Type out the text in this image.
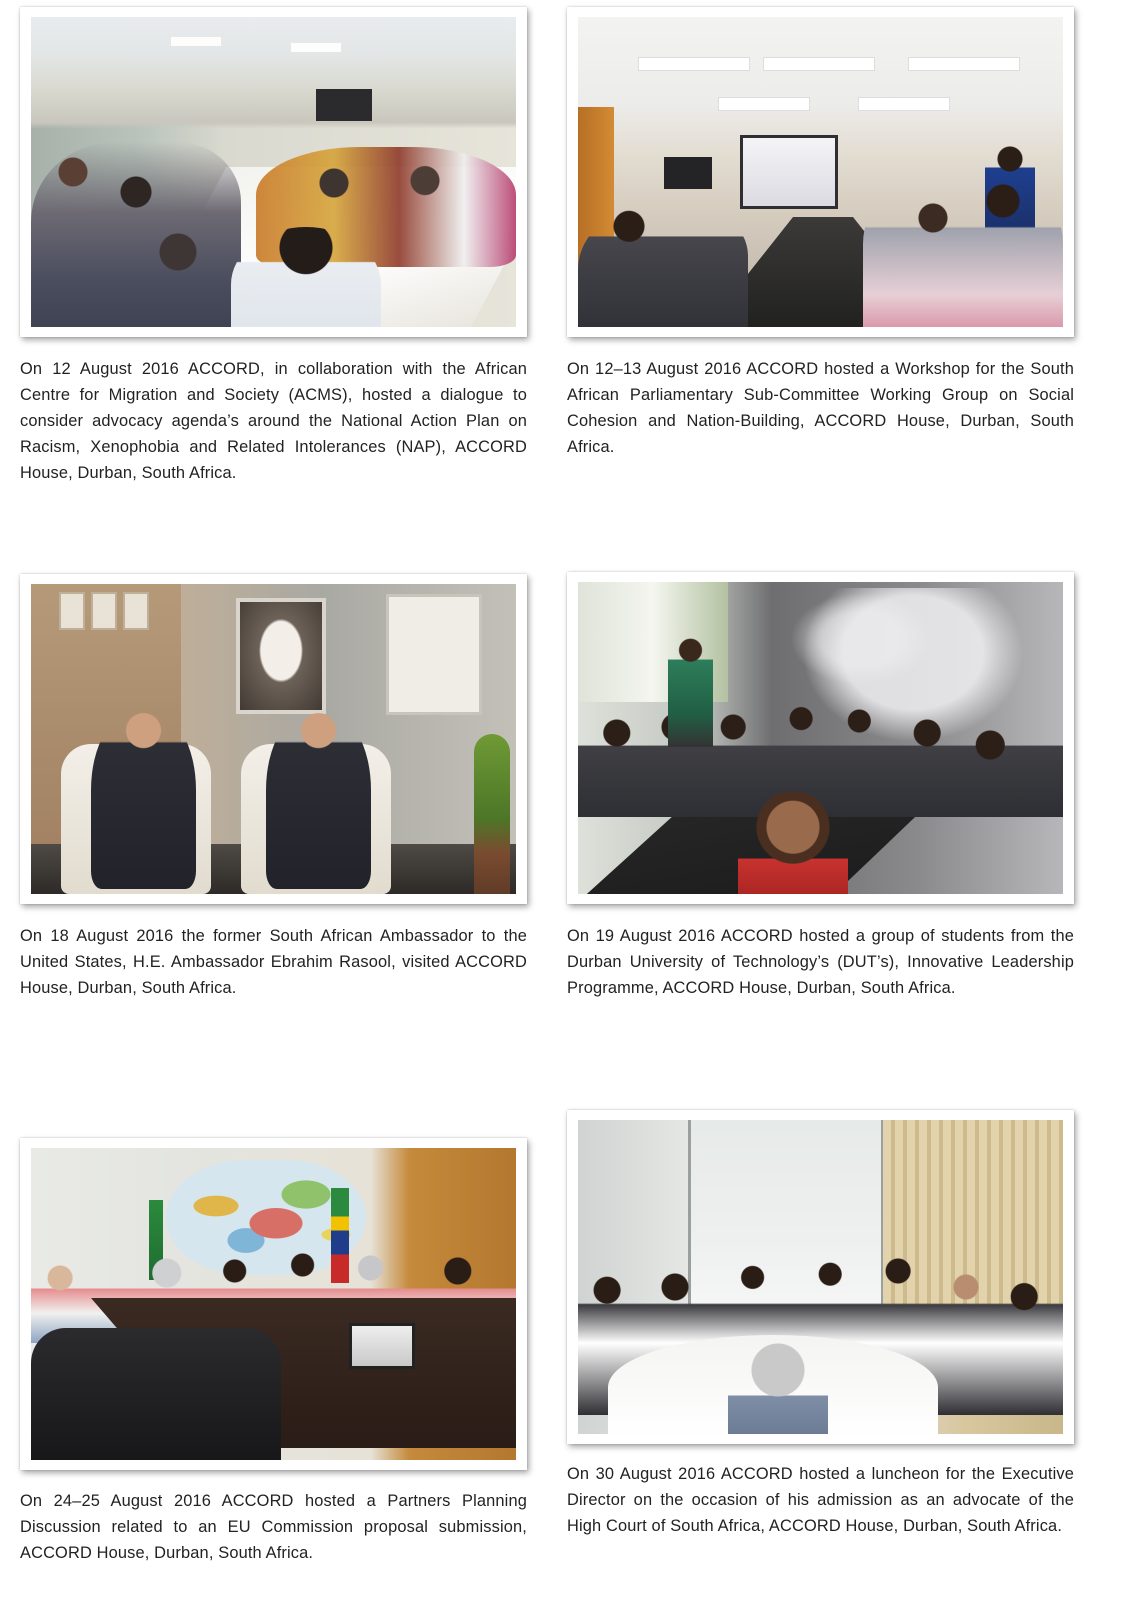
On 12 August 2016 ACCORD, in collaboration with the African Centre for Migration and Society (ACMS), hosted a dialogue to consider advocacy agenda’s around the National Action Plan on Racism, Xenophobia and Related Intolerances (NAP), ACCORD House, Durban, South Africa.

On 12–13 August 2016 ACCORD hosted a Workshop for the South African Parliamentary Sub-Committee Working Group on Social Cohesion and Nation-Building, ACCORD House, Durban, South Africa.

On 18 August 2016 the former South African Ambassador to the United States, H.E. Ambassador Ebrahim Rasool, visited ACCORD House, Durban, South Africa.

On 19 August 2016 ACCORD hosted a group of students from the Durban University of Technology’s (DUT’s), Innovative Leadership Programme, ACCORD House, Durban, South Africa.

On 24–25 August 2016 ACCORD hosted a Partners Planning Discussion related to an EU Commission proposal submission, ACCORD House, Durban, South Africa.

On 30 August 2016 ACCORD hosted a luncheon for the Executive Director on the occasion of his admission as an advocate of the High Court of South Africa, ACCORD House, Durban, South Africa.
